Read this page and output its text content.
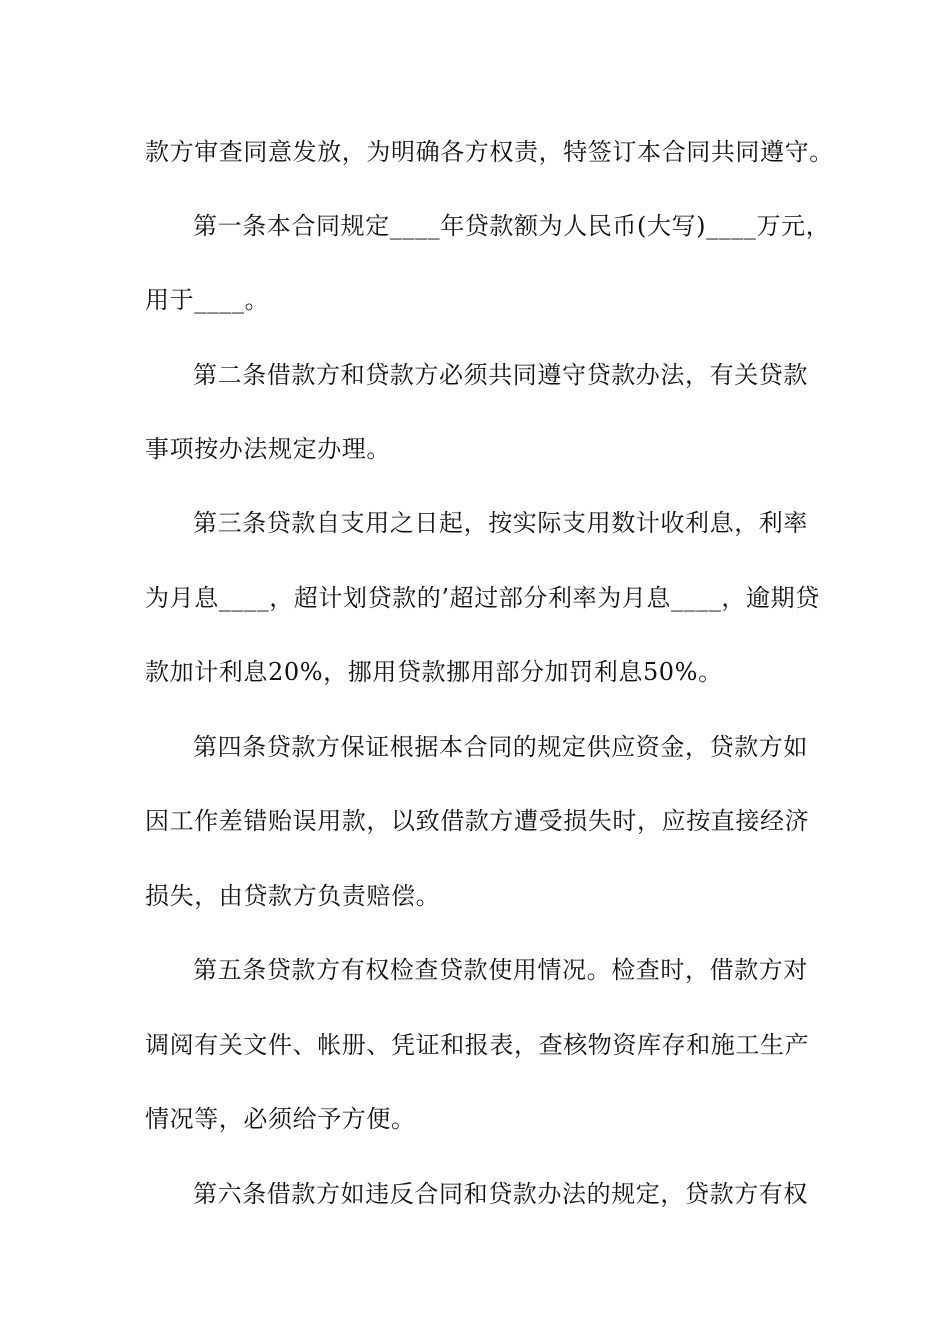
款方审查同意发放，为明确各方权责，特签订本合同共同遵守。
第一条本合同规定____年贷款额为人民币(大写)____万元，
用于____。
第二条借款方和贷款方必须共同遵守贷款办法，有关贷款
事项按办法规定办理。
第三条贷款自支用之日起，按实际支用数计收利息，利率
为月息____，超计划贷款的’超过部分利率为月息____，逾期贷
款加计利息20%，挪用贷款挪用部分加罚利息50%。
第四条贷款方保证根据本合同的规定供应资金，贷款方如
因工作差错贻误用款，以致借款方遭受损失时，应按直接经济
损失，由贷款方负责赔偿。
第五条贷款方有权检查贷款使用情况。检查时，借款方对
调阅有关文件、帐册、凭证和报表，查核物资库存和施工生产
情况等，必须给予方便。
第六条借款方如违反合同和贷款办法的规定，贷款方有权
